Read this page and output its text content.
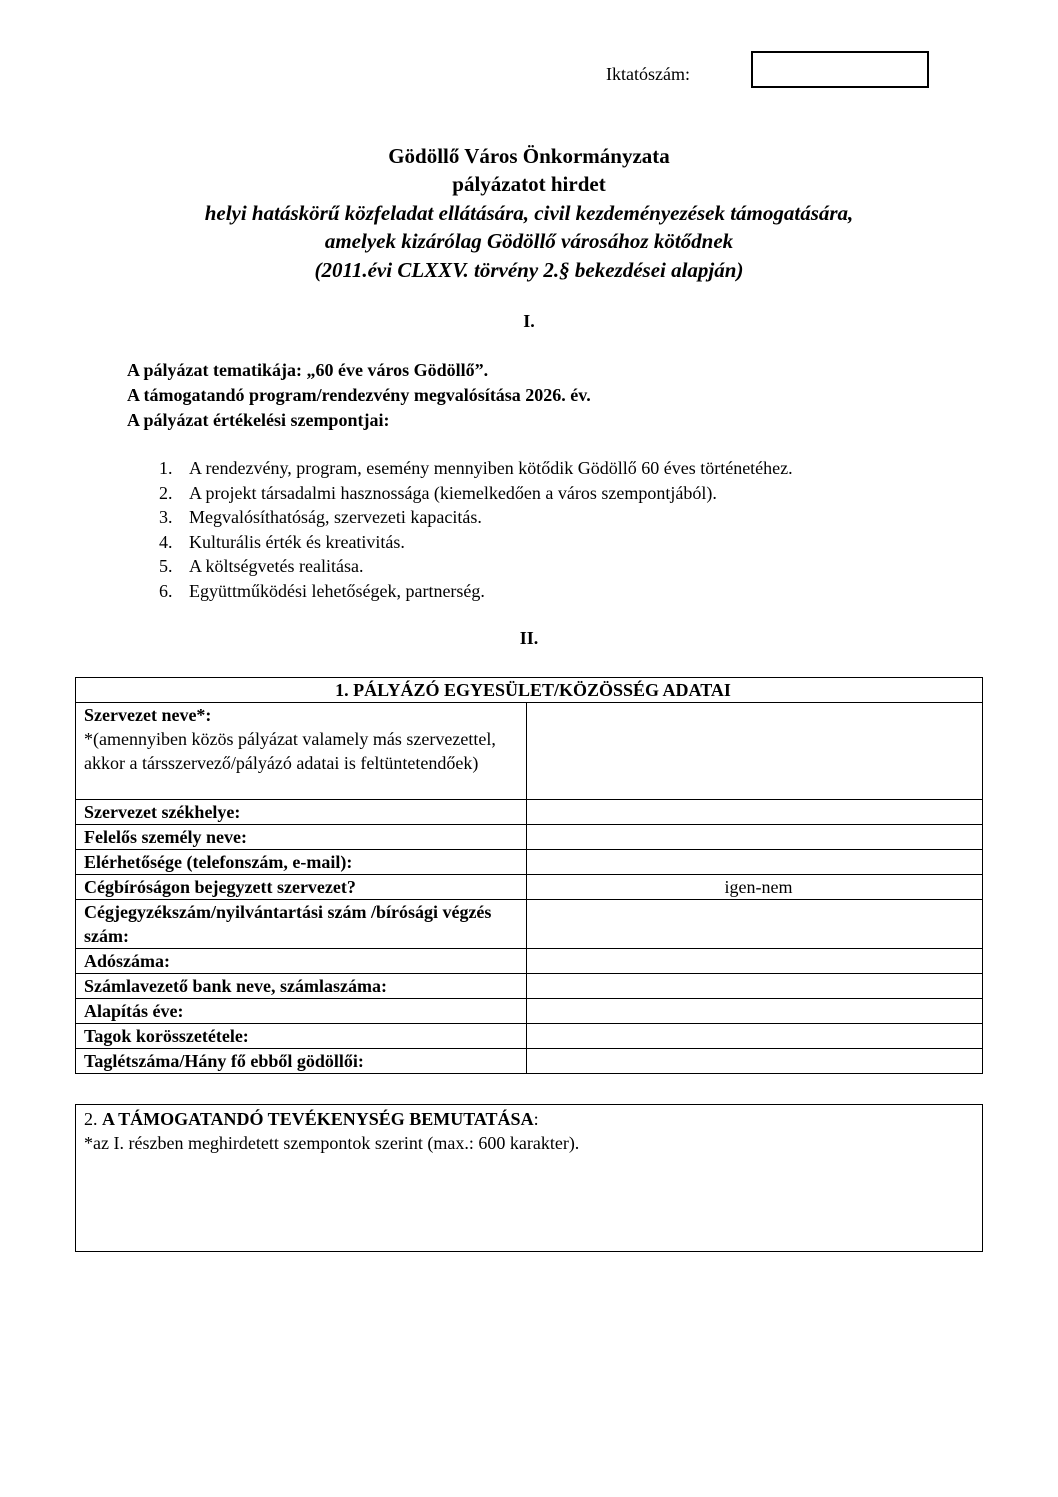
Iktatószám:
Gödöllő Város Önkormányzata
pályázatot hirdet
helyi hatáskörű közfeladat ellátására, civil kezdeményezések támogatására,
amelyek kizárólag Gödöllő városához kötődnek
(2011.évi CLXXV. törvény 2.§ bekezdései alapján)
I.
A pályázat tematikája: „60 éve város Gödöllő”.
A támogatandó program/rendezvény megvalósítása 2026. év.
A pályázat értékelési szempontjai:
1. A rendezvény, program, esemény mennyiben kötődik Gödöllő 60 éves történetéhez.
2. A projekt társadalmi hasznossága (kiemelkedően a város szempontjából).
3. Megvalósíthatóság, szervezeti kapacitás.
4. Kulturális érték és kreativitás.
5. A költségvetés realitása.
6. Együttműködési lehetőségek, partnerség.
II.
1. PÁLYÁZÓ EGYESÜLET/KÖZÖSSÉG ADATAI	

Szervezet neve*:
*(amennyiben közös pályázat valamely más szervezettel, akkor a társszervező/pályázó adatai is feltüntetendőek)	

Szervezet székhelye:	
Felelős személy neve:	
Elérhetősége (telefonszám, e-mail):	
Cégbíróságon bejegyzett szervezet?	igen-nem
Cégjegyzékszám/nyilvántartási szám /bírósági végzés szám:	
Adószáma:	
Számlavezető bank neve, számlaszáma:	
Alapítás éve:	
Tagok korösszetétele:	
Taglétszáma/Hány fő ebből gödöllői:	
2. A TÁMOGATANDÓ TEVÉKENYSÉG BEMUTATÁSA:
*az I. részben meghirdetett szempontok szerint (max.: 600 karakter).
